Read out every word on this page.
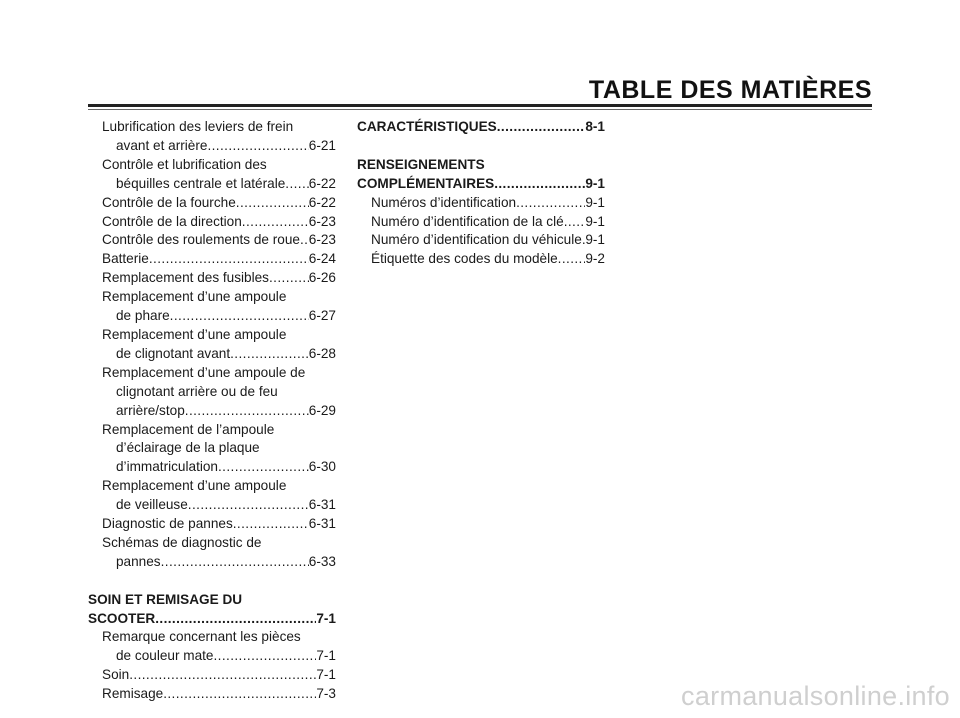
TABLE DES MATIÈRES
Lubrification des leviers de frein
avant et arrière .....	6-21
Contrôle et lubrification des
béquilles centrale et latérale ..... 6-22
Contrôle de la fourche .....	6-22
Contrôle de la direction .....	6-23
Contrôle des roulements de roue ..... 6-23
Batterie .....	6-24
Remplacement des fusibles .....	6-26
Remplacement d’une ampoule
de phare .....	6-27
Remplacement d’une ampoule
de clignotant avant .....	6-28
Remplacement d’une ampoule de
clignotant arrière ou de feu
arrière/stop .....	6-29
Remplacement de l’ampoule
d’éclairage de la plaque
d’immatriculation .....	6-30
Remplacement d’une ampoule
de veilleuse .....	6-31
Diagnostic de pannes .....	6-31
Schémas de diagnostic de
pannes .....	6-33
SOIN ET REMISAGE DU
SCOOTER .....	7-1
Remarque concernant les pièces
de couleur mate .....	7-1
Soin .....	7-1
Remisage .....	7-3
CARACTÉRISTIQUES .....	8-1
RENSEIGNEMENTS
COMPLÉMENTAIRES .....	9-1
Numéros d’identification .....	9-1
Numéro d’identification de la clé ..... 9-1
Numéro d’identification du véhicule ..... 9-1
Étiquette des codes du modèle ..... 9-2
carmanualsonline.info
